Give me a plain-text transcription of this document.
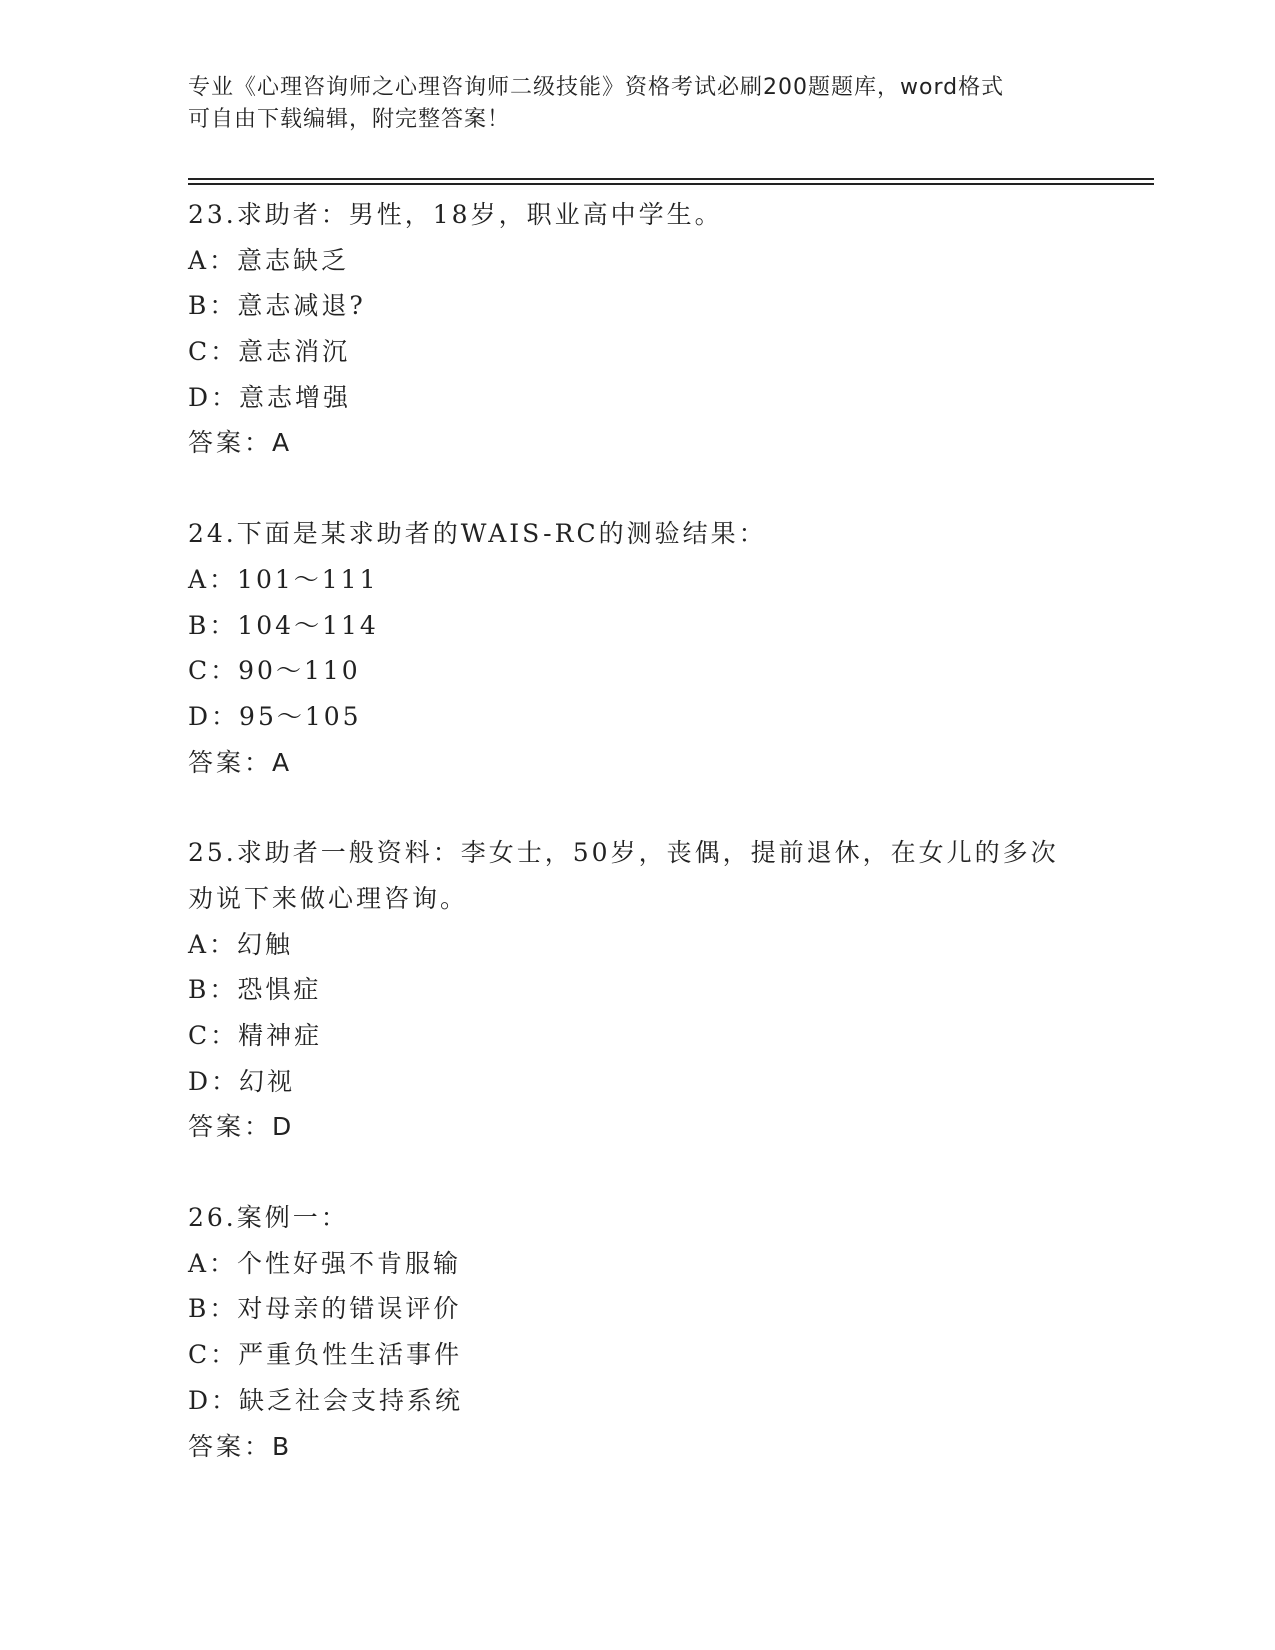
专业《心理咨询师之心理咨询师二级技能》资格考试必刷200题题库，word格式
可自由下载编辑，附完整答案！
23.求助者：男性，18岁，职业高中学生。
A：意志缺乏
B：意志减退?
C：意志消沉
D：意志增强
答案：A
24.下面是某求助者的WAIS-RC的测验结果：
A：101～111
B：104～114
C：90～110
D：95～105
答案：A
25.求助者一般资料：李女士，50岁，丧偶，提前退休，在女儿的多次
劝说下来做心理咨询。
A：幻触
B：恐惧症
C：精神症
D：幻视
答案：D
26.案例一：
A：个性好强不肯服输
B：对母亲的错误评价
C：严重负性生活事件
D：缺乏社会支持系统
答案：B
